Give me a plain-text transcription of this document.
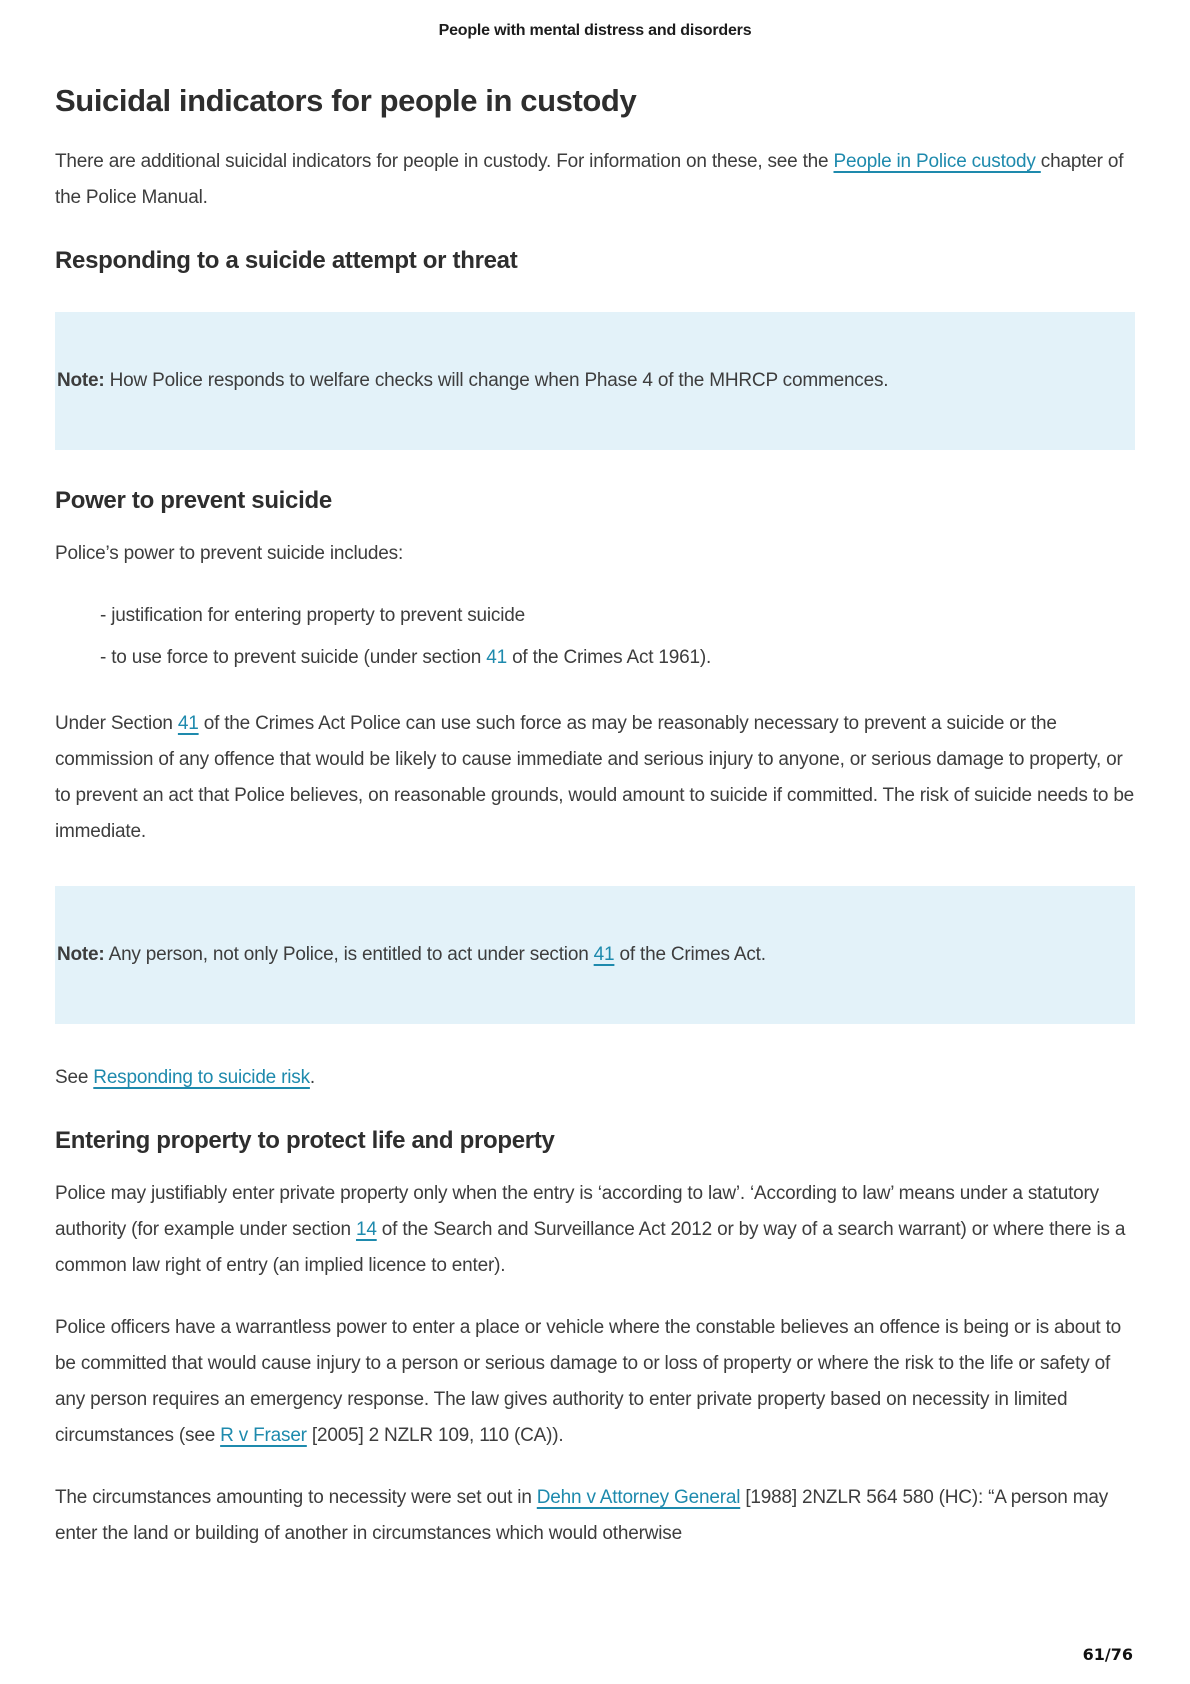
People with mental distress and disorders
Suicidal indicators for people in custody

There are additional suicidal indicators for people in custody. For information on these, see the People in Police custody chapter of the Police Manual.

Responding to a suicide attempt or threat

Note: How Police responds to welfare checks will change when Phase 4 of the MHRCP commences.

Power to prevent suicide

Police’s power to prevent suicide includes:

- justification for entering property to prevent suicide

- to use force to prevent suicide (under section 41 of the Crimes Act 1961).

Under Section 41 of the Crimes Act Police can use such force as may be reasonably necessary to prevent a suicide or the commission of any offence that would be likely to cause immediate and serious injury to anyone, or serious damage to property, or to prevent an act that Police believes, on reasonable grounds, would amount to suicide if committed. The risk of suicide needs to be immediate.

Note: Any person, not only Police, is entitled to act under section 41 of the Crimes Act.

See Responding to suicide risk.

Entering property to protect life and property

Police may justifiably enter private property only when the entry is ‘according to law’. ‘According to law’ means under a statutory authority (for example under section 14 of the Search and Surveillance Act 2012 or by way of a search warrant) or where there is a common law right of entry (an implied licence to enter).

Police officers have a warrantless power to enter a place or vehicle where the constable believes an offence is being or is about to be committed that would cause injury to a person or serious damage to or loss of property or where the risk to the life or safety of any person requires an emergency response. The law gives authority to enter private property based on necessity in limited circumstances (see R v Fraser [2005] 2 NZLR 109, 110 (CA)).

The circumstances amounting to necessity were set out in Dehn v Attorney General [1988] 2NZLR 564 580 (HC): “A person may enter the land or building of another in circumstances which would otherwise

61/76
